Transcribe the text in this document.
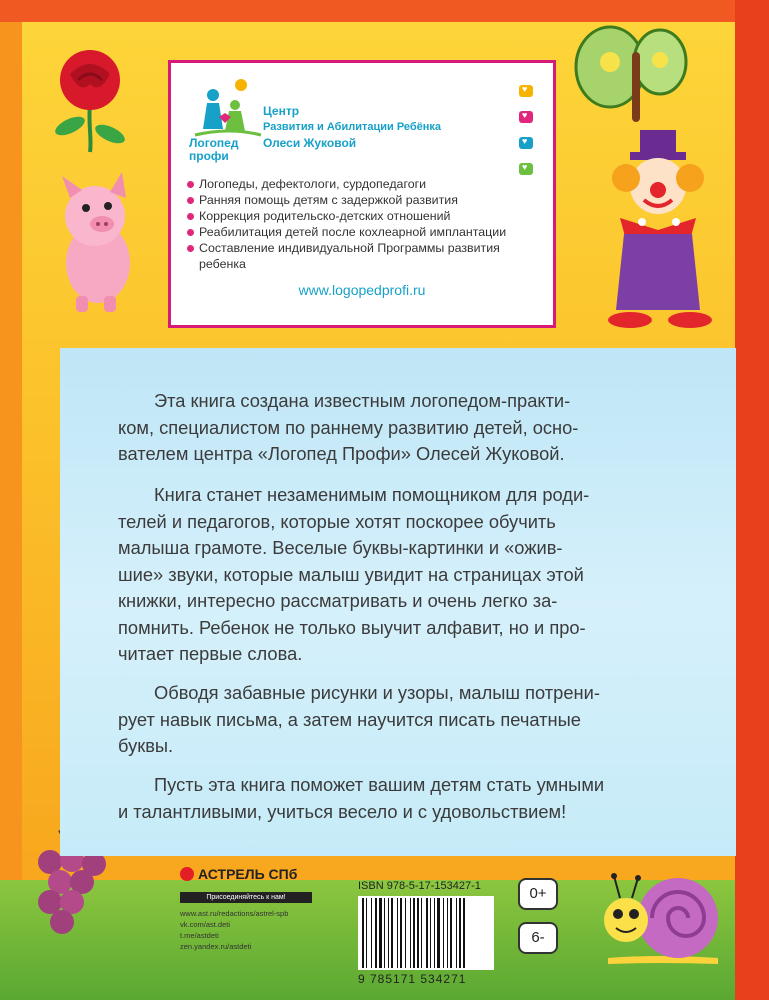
Логопед
профи
Центр
Развития и Абилитации Ребёнка
Олеси Жуковой
♥
♥
♥
♥
Логопеды, дефектологи, сурдопедагоги
Ранняя помощь детям с задержкой развития
Коррекция родительско-детских отношений
Реабилитация детей после кохлеарной имплантации
Составление индивидуальной Программы развития ребенка
www.logopedprofi.ru
Эта книга создана известным логопедом-практи-
ком, специалистом по раннему развитию детей, осно-
вателем центра «Логопед Профи» Олесей Жуковой.
Книга станет незаменимым помощником для роди-
телей и педагогов, которые хотят поскорее обучить
малыша грамоте. Веселые буквы-картинки и «ожив-
шие» звуки, которые малыш увидит на страницах этой
книжки, интересно рассматривать и очень легко за-
помнить. Ребенок не только выучит алфавит, но и про-
читает первые слова.
Обводя забавные рисунки и узоры, малыш потрени-
рует навык письма, а затем научится писать печатные
буквы.
Пусть эта книга поможет вашим детям стать умными
и талантливыми, учиться весело и с удовольствием!
АСТРЕЛЬ СПб
Присоединяйтесь к нам!
www.ast.ru/redactions/astrel-spb
vk.com/ast.deti
t.me/astdeti
zen.yandex.ru/astdeti
ISBN 978-5-17-153427-1
9 785171 534271
0+
6-
